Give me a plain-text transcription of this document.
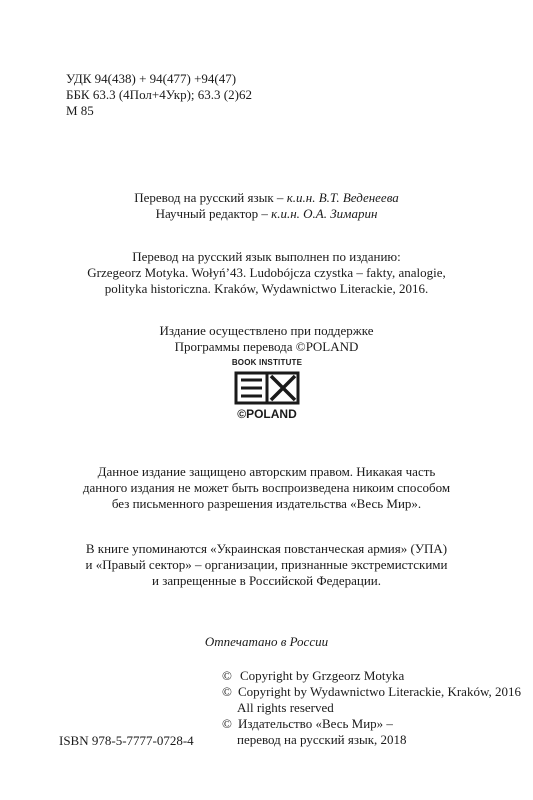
УДК 94(438) + 94(477) +94(47)
ББК 63.3 (4Пол+4Укр); 63.3 (2)62
М 85
Перевод на русский язык – к.и.н. В.Т. Веденеева
Научный редактор – к.и.н. О.А. Зимарин
Перевод на русский язык выполнен по изданию:
Grzegeorz Motyka. Wołyń’43. Ludobójcza czystka – fakty, analogie,
polityka historiczna. Kraków, Wydawnictwo Literackie, 2016.
Издание осуществлено при поддержке
Программы перевода ©POLAND
BOOK INSTITUTE
©POLAND
Данное издание защищено авторским правом. Никакая часть
данного издания не может быть воспроизведена никоим способом
без письменного разрешения издательства «Весь Мир».
В книге упоминаются «Украинская повстанческая армия» (УПА)
и «Правый сектор» – организации, признанные экстремистскими
и запрещенные в Российской Федерации.
Отпечатано в России
ISBN 978-5-7777-0728-4
© Copyright by Grzgeorz Motyka
© Copyright by Wydawnictwo Literackie, Kraków, 2016
All rights reserved
© Издательство «Весь Мир» –
перевод на русский язык, 2018
